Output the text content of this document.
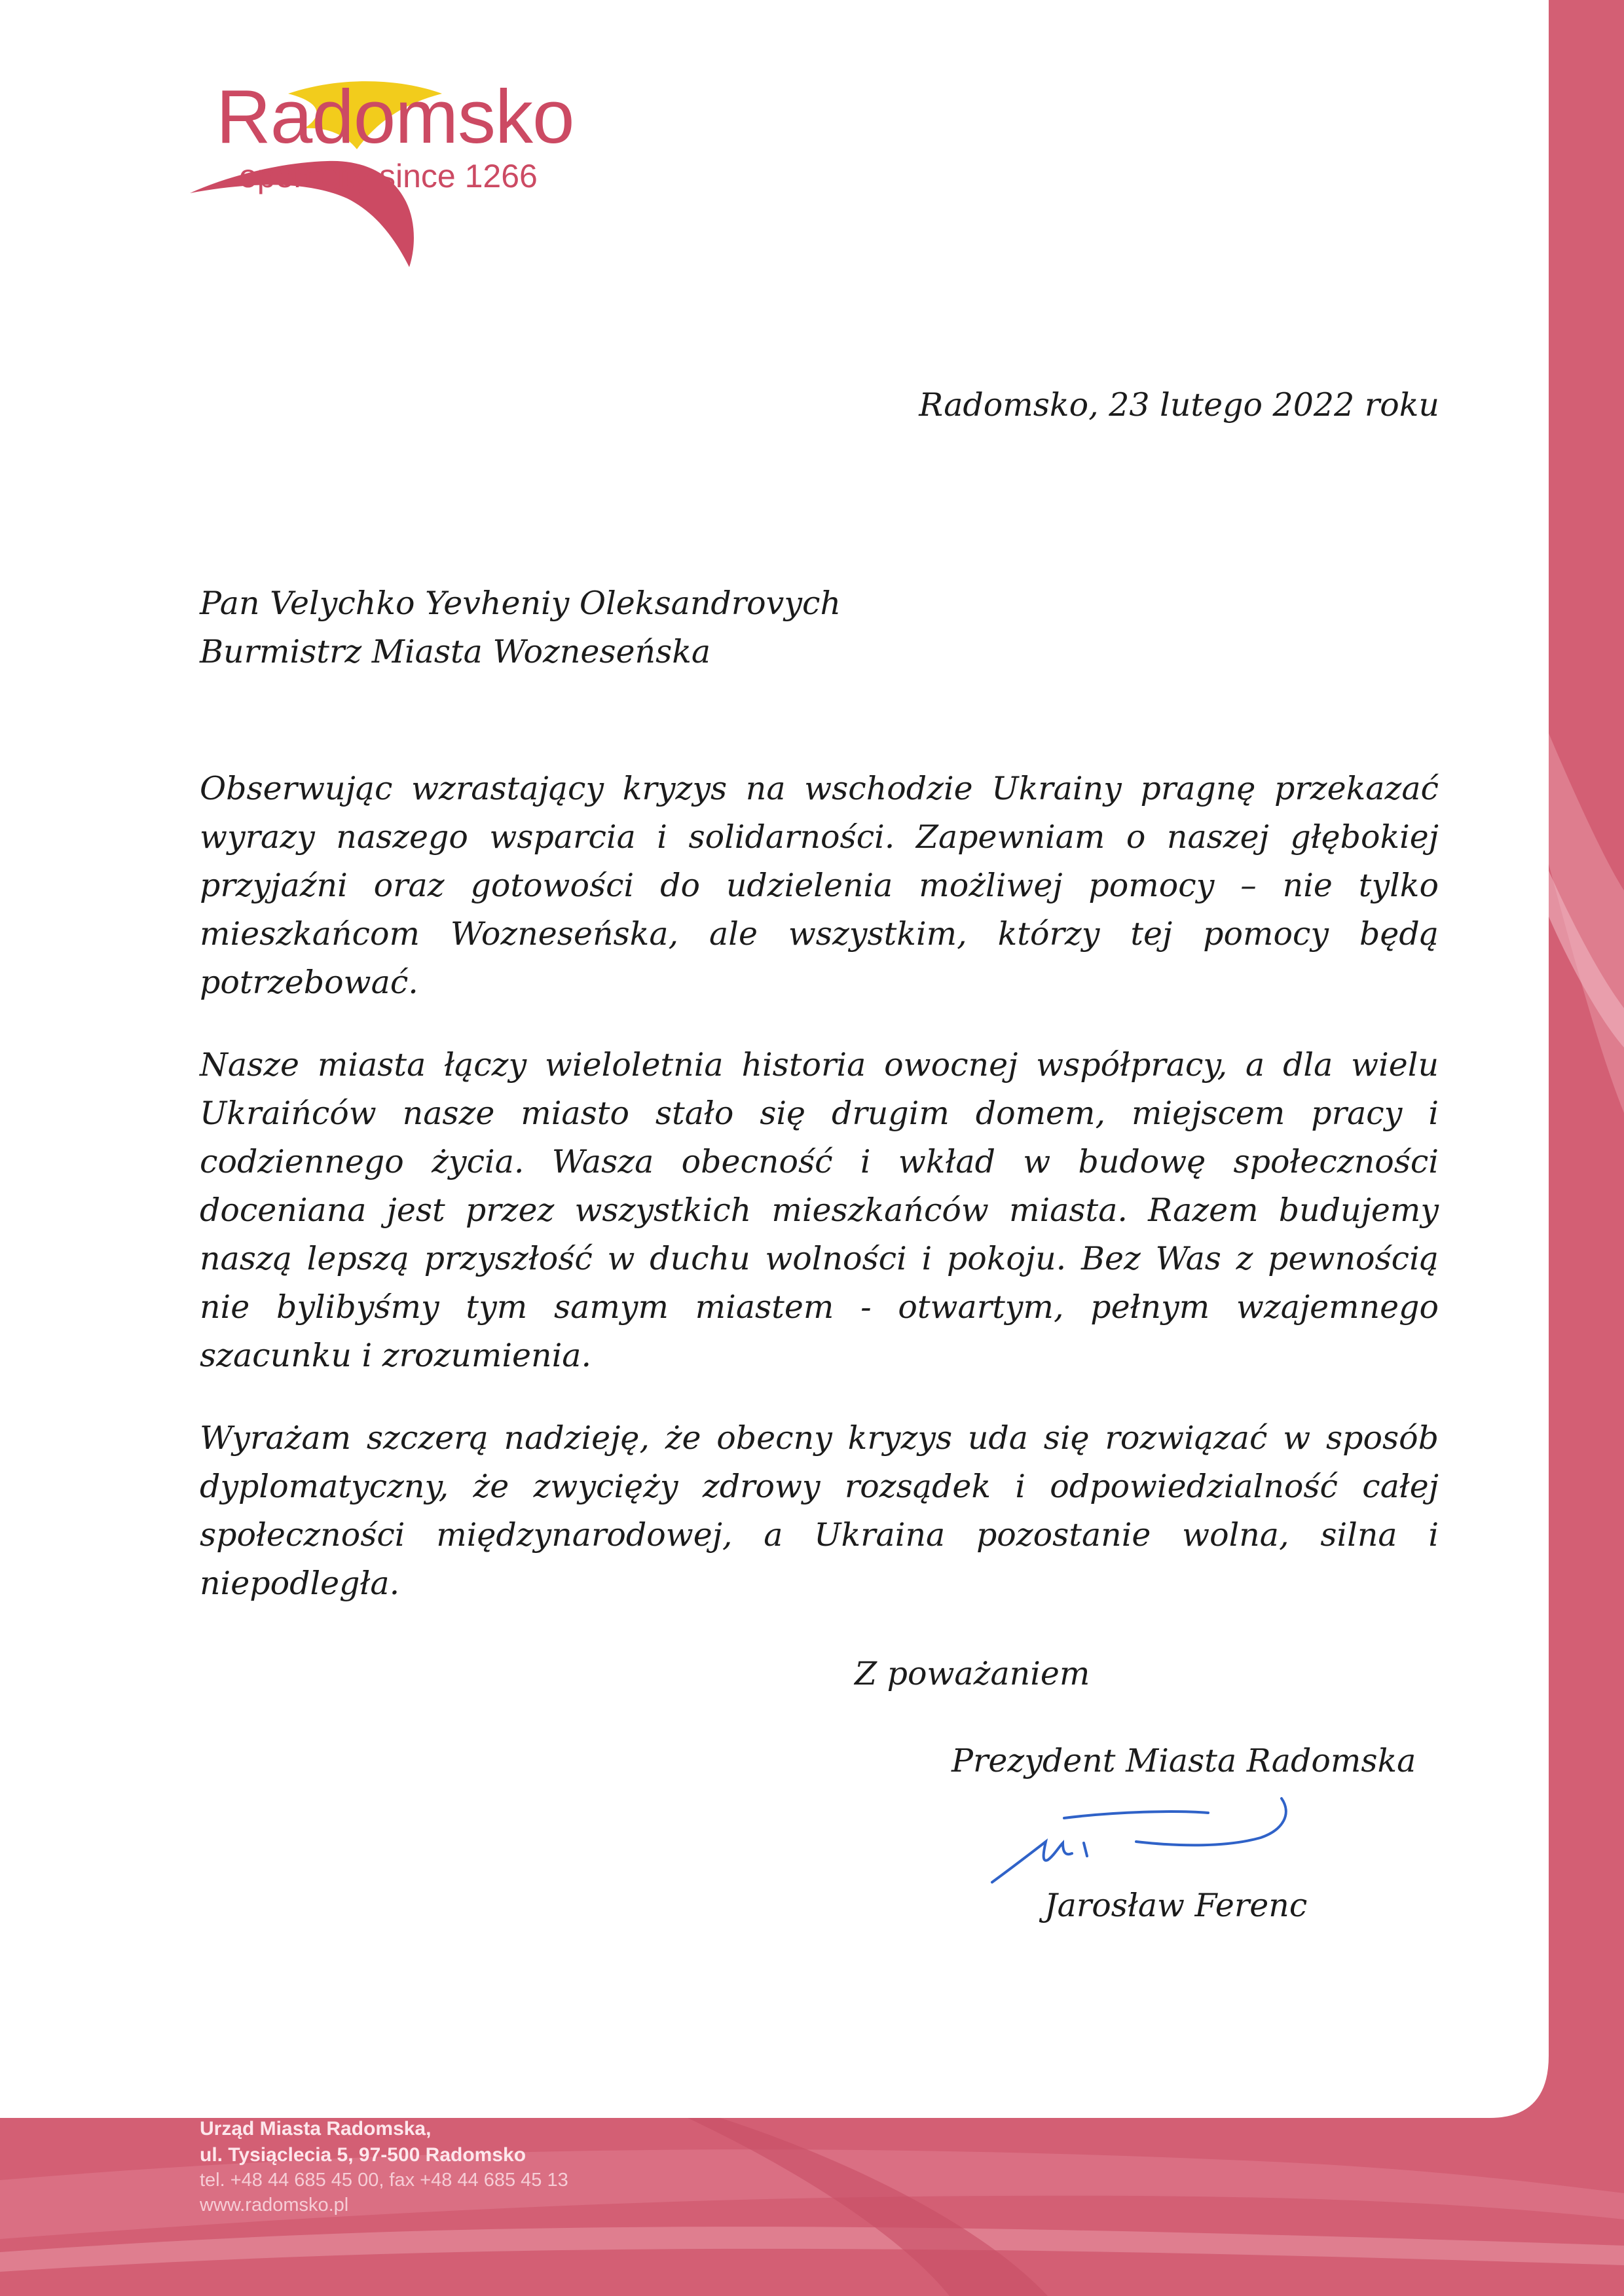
Radomsko
open city since 1266
Radomsko, 23 lutego 2022 roku
Pan Velychko Yevheniy Oleksandrovych
Burmistrz Miasta Wozneseńska

Obserwując wzrastający kryzys na wschodzie Ukrainy pragnę przekazać wyrazy naszego wsparcia i solidarności. Zapewniam o naszej głębokiej przyjaźni oraz gotowości do udzielenia możliwej pomocy – nie tylko mieszkańcom Wozneseńska, ale wszystkim, którzy tej pomocy będą potrzebować.

Nasze miasta łączy wieloletnia historia owocnej współpracy, a dla wielu Ukraińców nasze miasto stało się drugim domem, miejscem pracy i codziennego życia. Wasza obecność i wkład w budowę społeczności doceniana jest przez wszystkich mieszkańców miasta. Razem budujemy naszą lepszą przyszłość w duchu wolności i pokoju. Bez Was z pewnością nie bylibyśmy tym samym miastem - otwartym, pełnym wzajemnego szacunku i zrozumienia.

Wyrażam szczerą nadzieję, że obecny kryzys uda się rozwiązać w sposób dyplomatyczny, że zwycięży zdrowy rozsądek i odpowiedzialność całej społeczności międzynarodowej, a Ukraina pozostanie wolna, silna i niepodległa.

Z poważaniem
Prezydent Miasta Radomska
Jarosław Ferenc
Urząd Miasta Radomska,
ul. Tysiąclecia 5, 97-500 Radomsko
tel. +48 44 685 45 00, fax +48 44 685 45 13
www.radomsko.pl
